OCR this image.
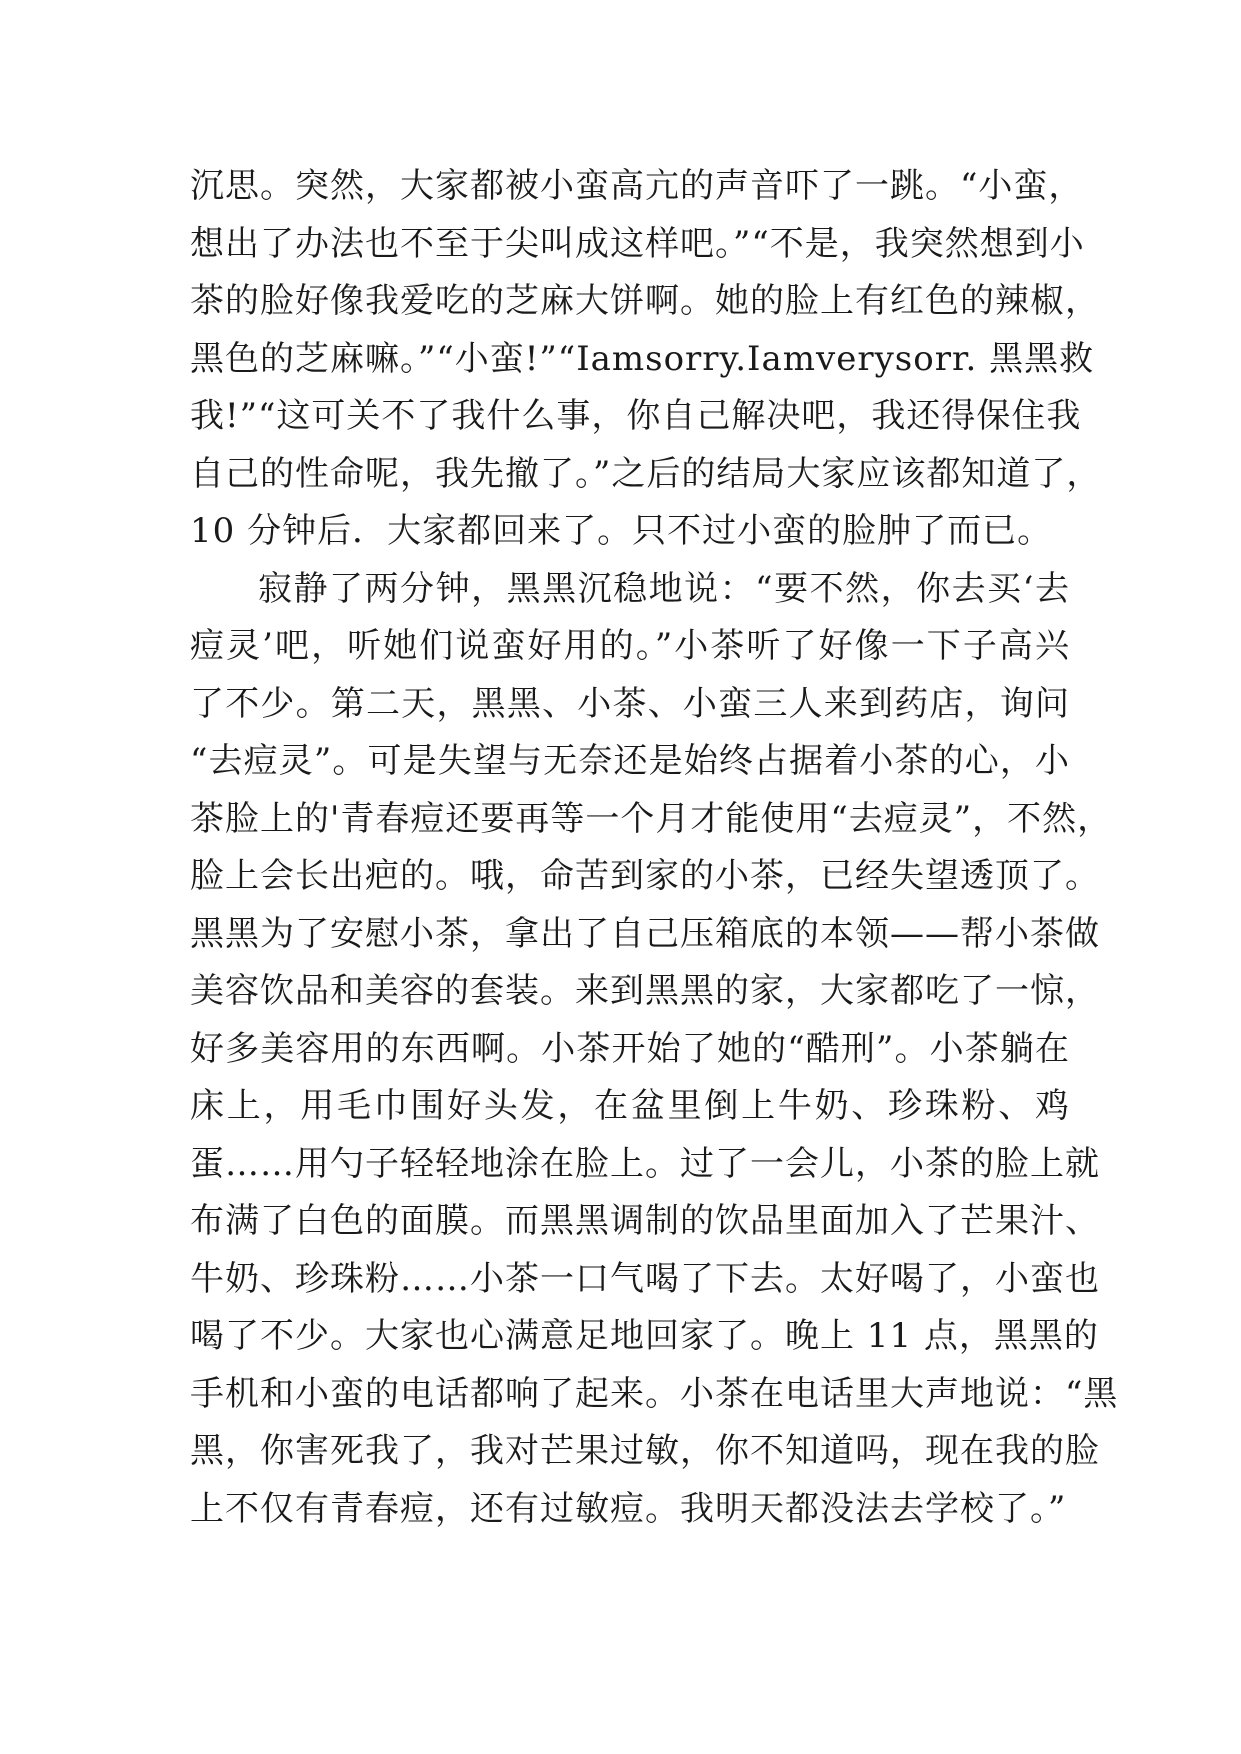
沉思。突然，大家都被小蛮高亢的声音吓了一跳。“小蛮，
想出了办法也不至于尖叫成这样吧。”“不是，我突然想到小
茶的脸好像我爱吃的芝麻大饼啊。她的脸上有红色的辣椒，
黑色的芝麻嘛。”“小蛮!”“Iamsorry.Iamverysorr. 黑黑救
我!”“这可关不了我什么事，你自己解决吧，我还得保住我
自己的性命呢，我先撤了。”之后的结局大家应该都知道了，
10 分钟后．大家都回来了。只不过小蛮的脸肿了而已。
寂静了两分钟，黑黑沉稳地说：“要不然，你去买‘去
痘灵’吧，听她们说蛮好用的。”小茶听了好像一下子高兴
了不少。第二天，黑黑、小茶、小蛮三人来到药店，询问
“去痘灵”。可是失望与无奈还是始终占据着小茶的心，小
茶脸上的'青春痘还要再等一个月才能使用“去痘灵”，不然，
脸上会长出疤的。哦，命苦到家的小茶，已经失望透顶了。
黑黑为了安慰小茶，拿出了自己压箱底的本领——帮小茶做
美容饮品和美容的套装。来到黑黑的家，大家都吃了一惊，
好多美容用的东西啊。小茶开始了她的“酷刑”。小茶躺在
床上，用毛巾围好头发，在盆里倒上牛奶、珍珠粉、鸡
蛋……用勺子轻轻地涂在脸上。过了一会儿，小茶的脸上就
布满了白色的面膜。而黑黑调制的饮品里面加入了芒果汁、
牛奶、珍珠粉……小茶一口气喝了下去。太好喝了，小蛮也
喝了不少。大家也心满意足地回家了。晚上 11 点，黑黑的
手机和小蛮的电话都响了起来。小茶在电话里大声地说：“黑
黑，你害死我了，我对芒果过敏，你不知道吗，现在我的脸
上不仅有青春痘，还有过敏痘。我明天都没法去学校了。”
